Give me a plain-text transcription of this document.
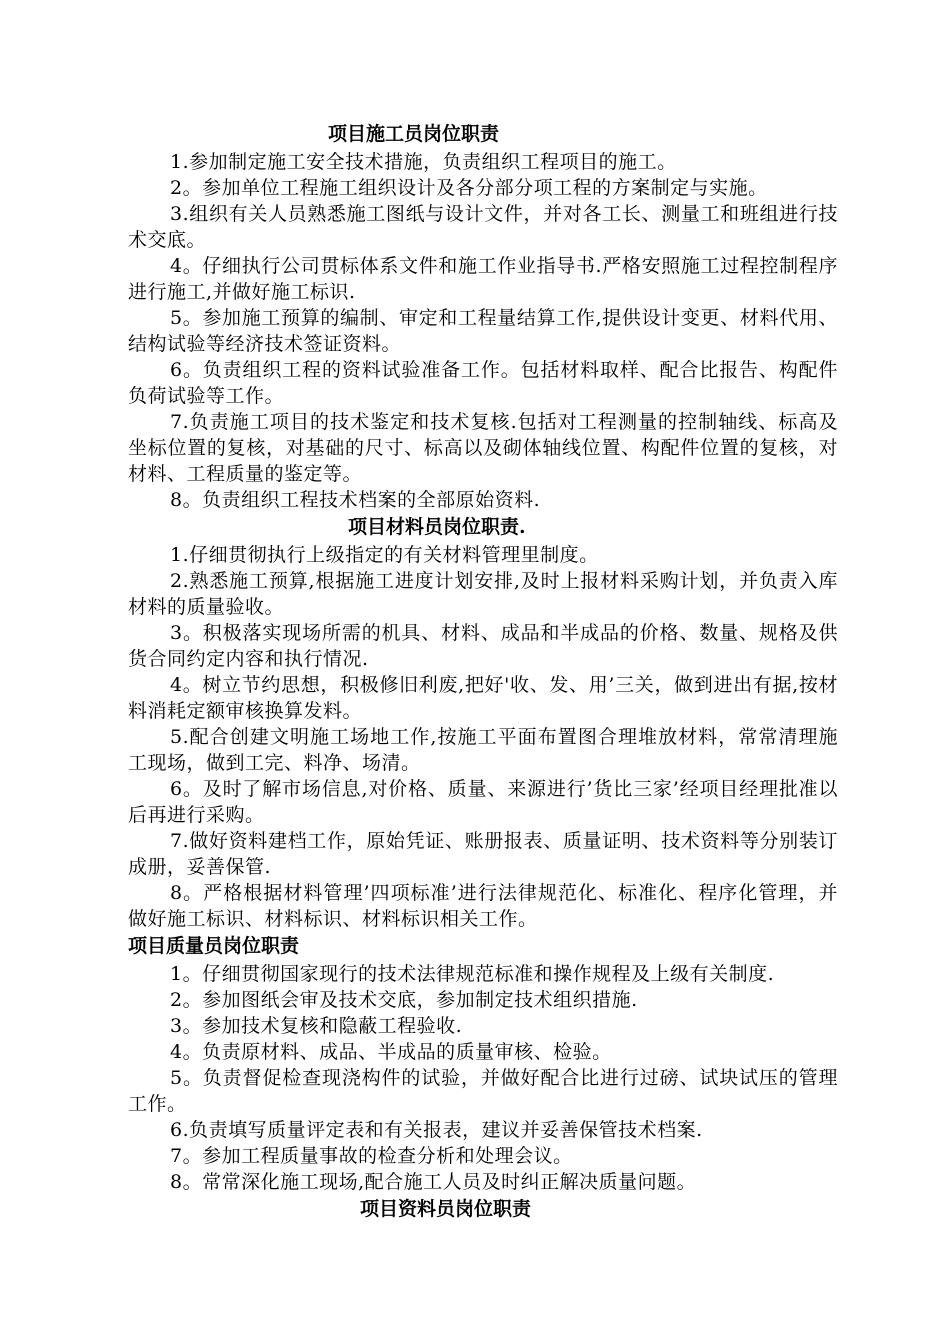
项目施工员岗位职责

1.参加制定施工安全技术措施，负责组织工程项目的施工。

2。参加单位工程施工组织设计及各分部分项工程的方案制定与实施。

3.组织有关人员熟悉施工图纸与设计文件，并对各工长、测量工和班组进行技术交底。

4。仔细执行公司贯标体系文件和施工作业指导书.严格安照施工过程控制程序进行施工,并做好施工标识.

5。参加施工预算的编制、审定和工程量结算工作,提供设计变更、材料代用、结构试验等经济技术签证资料。

6。负责组织工程的资料试验准备工作。包括材料取样、配合比报告、构配件负荷试验等工作。

7.负责施工项目的技术鉴定和技术复核.包括对工程测量的控制轴线、标高及坐标位置的复核，对基础的尺寸、标高以及砌体轴线位置、构配件位置的复核，对材料、工程质量的鉴定等。

8。负责组织工程技术档案的全部原始资料.

项目材料员岗位职责.

1.仔细贯彻执行上级指定的有关材料管理里制度。

2.熟悉施工预算,根据施工进度计划安排,及时上报材料采购计划，并负责入库材料的质量验收。

3。积极落实现场所需的机具、材料、成品和半成品的价格、数量、规格及供货合同约定内容和执行情况.

4。树立节约思想，积极修旧利废,把好'收、发、用’三关，做到进出有据,按材料消耗定额审核换算发料。

5.配合创建文明施工场地工作,按施工平面布置图合理堆放材料，常常清理施工现场，做到工完、料净、场清。

6。及时了解市场信息,对价格、质量、来源进行’货比三家’经项目经理批准以后再进行采购。

7.做好资料建档工作，原始凭证、账册报表、质量证明、技术资料等分别装订成册，妥善保管.

8。严格根据材料管理’四项标准’进行法律规范化、标准化、程序化管理，并做好施工标识、材料标识、材料标识相关工作。

项目质量员岗位职责

1。仔细贯彻国家现行的技术法律规范标准和操作规程及上级有关制度.

2。参加图纸会审及技术交底，参加制定技术组织措施.

3。参加技术复核和隐蔽工程验收.

4。负责原材料、成品、半成品的质量审核、检验。

5。负责督促检查现浇构件的试验，并做好配合比进行过磅、试块试压的管理工作。

6.负责填写质量评定表和有关报表，建议并妥善保管技术档案.

7。参加工程质量事故的检查分析和处理会议。

8。常常深化施工现场,配合施工人员及时纠正解决质量问题。

项目资料员岗位职责
